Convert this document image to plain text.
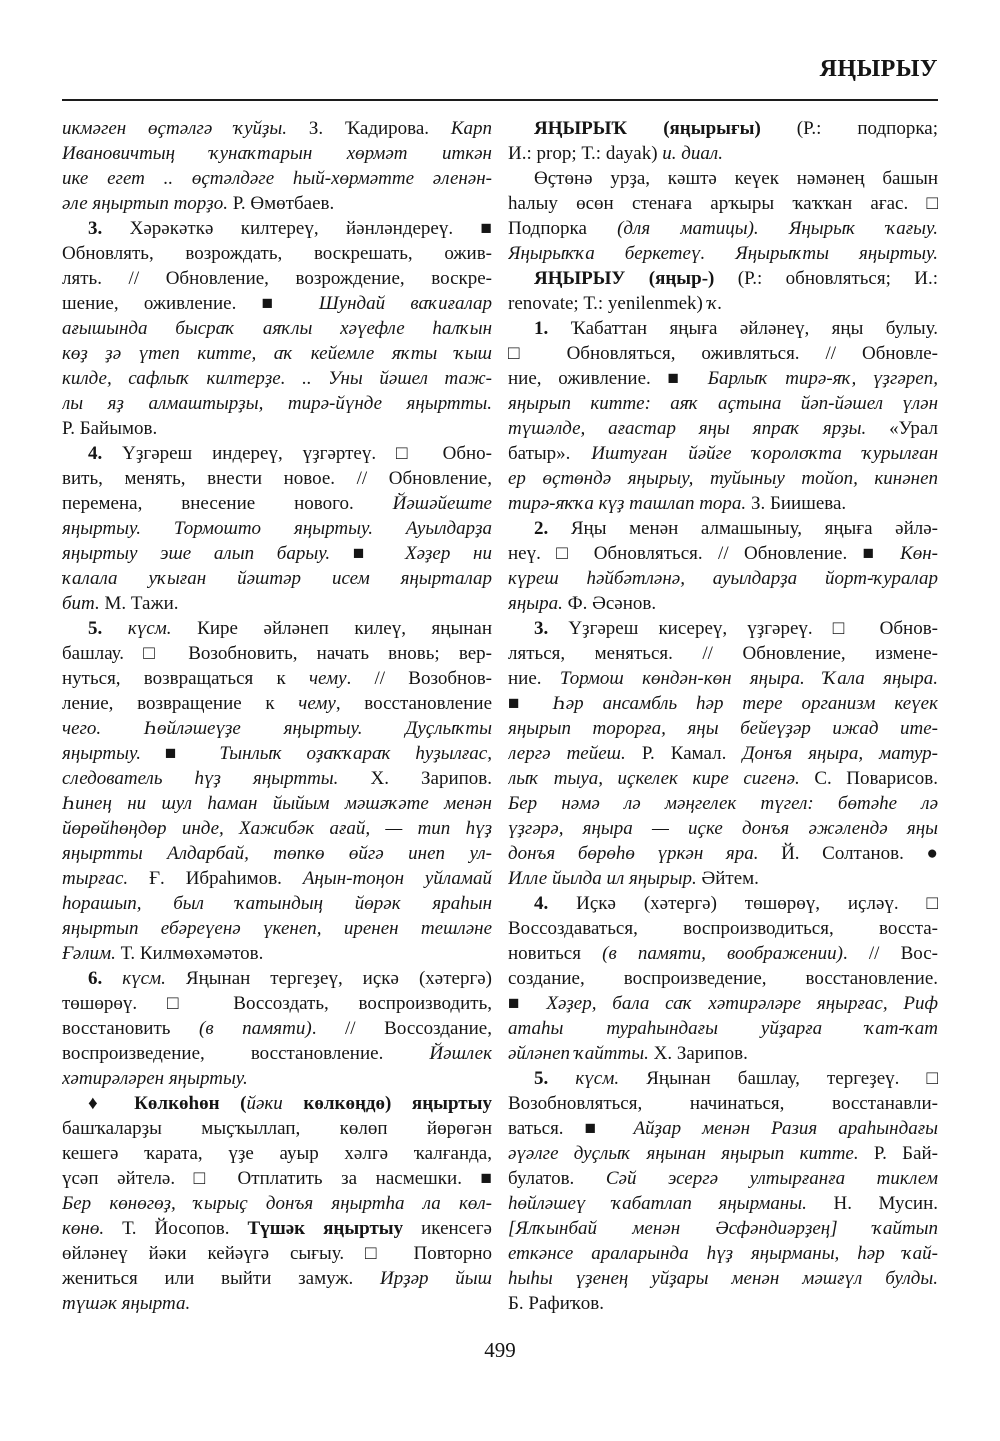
ЯҢЫРЫУ
икмәген өҫтәлгә ҡуйҙы. З. Ҡадирова. Карп
Ивановичтың ҡунаҡтарын хөрмәт иткән
ике егет .. өҫтәлдәге һый-хөрмәтте әленән-
әле яңыртып торҙо. Р. Өмөтбаев.
3. Хәрәкәткә килтереү, йәнләндереү. ■
Обновлять, возрождать, воскрешать, ожив-
лять. // Обновление, возрождение, воскре-
шение, оживление. ■ Шундай ваҡиғалар
ағышында бысраҡ аяҡлы хәүефле һалҡын
көҙ ҙә үтеп китте, аҡ кейемле яҡты ҡыш
килде, сафлыҡ килтерҙе. .. Уны йәшел таж-
лы яҙ алмаштырҙы, тирә-йүнде яңыртты.
Р. Байымов.
4. Үҙгәреш индереү, үҙгәртеү. □ Обно-
вить, менять, внести новое. // Обновление,
перемена, внесение нового. Йәшәйеште
яңыртыу. Тормошто яңыртыу. Ауылдарҙа
яңыртыу эше алып барыу. ■ Хәҙер ни
ҡалала уҡыған йәштәр исем яңырталар
бит. М. Тажи.
5. күсм. Кире әйләнеп килеү, яңынан
башлау. □ Возобновить, начать вновь; вер-
нуться, возвращаться к чему. // Возобнов-
ление, возвращение к чему, восстановление
чего. Һөйләшеүҙе яңыртыу. Дуҫлыҡты
яңыртыу. ■ Тынлыҡ оҙаҡҡараҡ һуҙылғас,
следователь һүҙ яңыртты. Х. Зарипов.
Һинең ни шул һаман йыйым мәшәҡәте менән
йөрөйһөңдөр инде, Хажибәк ағай, — тип һүҙ
яңыртты Алдарбай, төпкө өйгә инеп ул-
тырғас. Ғ. Ибраһимов. Аңын-тоңон уйламай
һорашып, был ҡатындың йөрәк яраһын
яңыртып ебәреүенә үкенеп, иренен тешләне
Ғәлим. Т. Килмөхәмәтов.
6. күсм. Яңынан тергеҙеү, иҫкә (хәтергә)
төшөрөү. □ Воссоздать, воспроизводить,
восстановить (в памяти). // Воссоздание,
воспроизведение, восстановление. Йәшлек
хәтирәләрен яңыртыу.
♦ Көлкөһөн (йәки көлкөңдө) яңыртыу
башҡаларҙы мыҫҡыллап, көлөп йөрөгән
кешегә ҡарата, үҙе ауыр хәлгә ҡалғанда,
үсәп әйтелә. □ Отплатить за насмешки. ■
Бер көнөгөҙ, ҡырыҫ донъя яңыртһа ла көл-
көнө. Т. Йосопов. Түшәк яңыртыу икенсегә
өйләнеү йәки кейәүгә сығыу. □ Повторно
жениться или выйти замуж. Ирҙәр йыш
түшәк яңырта.
ЯҢЫРЫҠ (яңырығы) (Р.: подпорка;
И.: prop; Т.: dayak) и. диал.
Өҫтөнә урҙа, кәштә кеүек нәмәнең башын
һалыу өсөн стенаға арҡыры ҡаҡҡан ағас. □
Подпорка (для матицы). Яңырыҡ ҡағыу.
Яңырыҡҡа беркетеү. Яңырыҡты яңыртыу.
ЯҢЫРЫУ (яңыр-) (Р.: обновляться; И.:
renovate; Т.: yenilenmek) ҡ.
1. Ҡабаттан яңыға әйләнеү, яңы булыу.
□ Обновляться, оживляться. // Обновле-
ние, оживление. ■ Барлыҡ тирә-яҡ, үҙгәреп,
яңырып китте: аяҡ аҫтына йәп-йәшел үлән
түшәлде, ағастар яңы япраҡ ярҙы. «Урал
батыр». Иштуған йәйге ҡоролоҡта ҡурылған
ер өҫтөндә яңырыу, туйыныу тойоп, кинәнеп
тирә-яҡҡа күҙ ташлап тора. З. Биишева.
2. Яңы менән алмашыныу, яңыға әйлә-
неү. □ Обновляться. // Обновление. ■ Көн-
күреш һәйбәтләнә, ауылдарҙа йорт-ҡуралар
яңыра. Ф. Әсәнов.
3. Үҙгәреш кисереү, үҙгәреү. □ Обнов-
ляться, меняться. // Обновление, измене-
ние. Тормош көндән-көн яңыра. Ҡала яңыра.
■ Һәр ансамбль һәр тере организм кеүек
яңырып торорға, яңы бейеүҙәр ижад ите-
лергә тейеш. Р. Камал. Донъя яңыра, матур-
лыҡ тыуа, иҫкелек кире сигенә. С. Поварисов.
Бер нәмә лә мәңгелек түгел: бөтәһе лә
үҙгәрә, яңыра — иҫке донъя әжәлендә яңы
донъя бөрөһө үркән яра. Й. Солтанов. ●
Илле йылда ил яңырыр. Әйтем.
4. Иҫкә (хәтергә) төшөрөү, иҫләү. □
Воссоздаваться, воспроизводиться, восста-
новиться (в памяти, воображении). // Вос-
создание, воспроизведение, восстановление.
■ Хәҙер, бала саҡ хәтирәләре яңырғас, Риф
атаһы тураһындағы уйҙарға ҡат-ҡат
әйләнеп ҡайтты. Х. Зарипов.
5. күсм. Яңынан башлау, тергеҙеү. □
Возобновляться, начинаться, восстанавли-
ваться. ■ Айҙар менән Разия араһындағы
әүәлге дуҫлыҡ яңынан яңырып китте. Р. Бай-
булатов. Сәй эсергә ултырғанға тиклем
һөйләшеү ҡабатлап яңырманы. Н. Мусин.
[Ялҡынбай менән Әсфәндиәрҙең] ҡайтып
еткәнсе араларында һүҙ яңырманы, һәр ҡай-
һыһы үҙенең уйҙары менән мәшғүл булды.
Б. Рафиҡов.
499
